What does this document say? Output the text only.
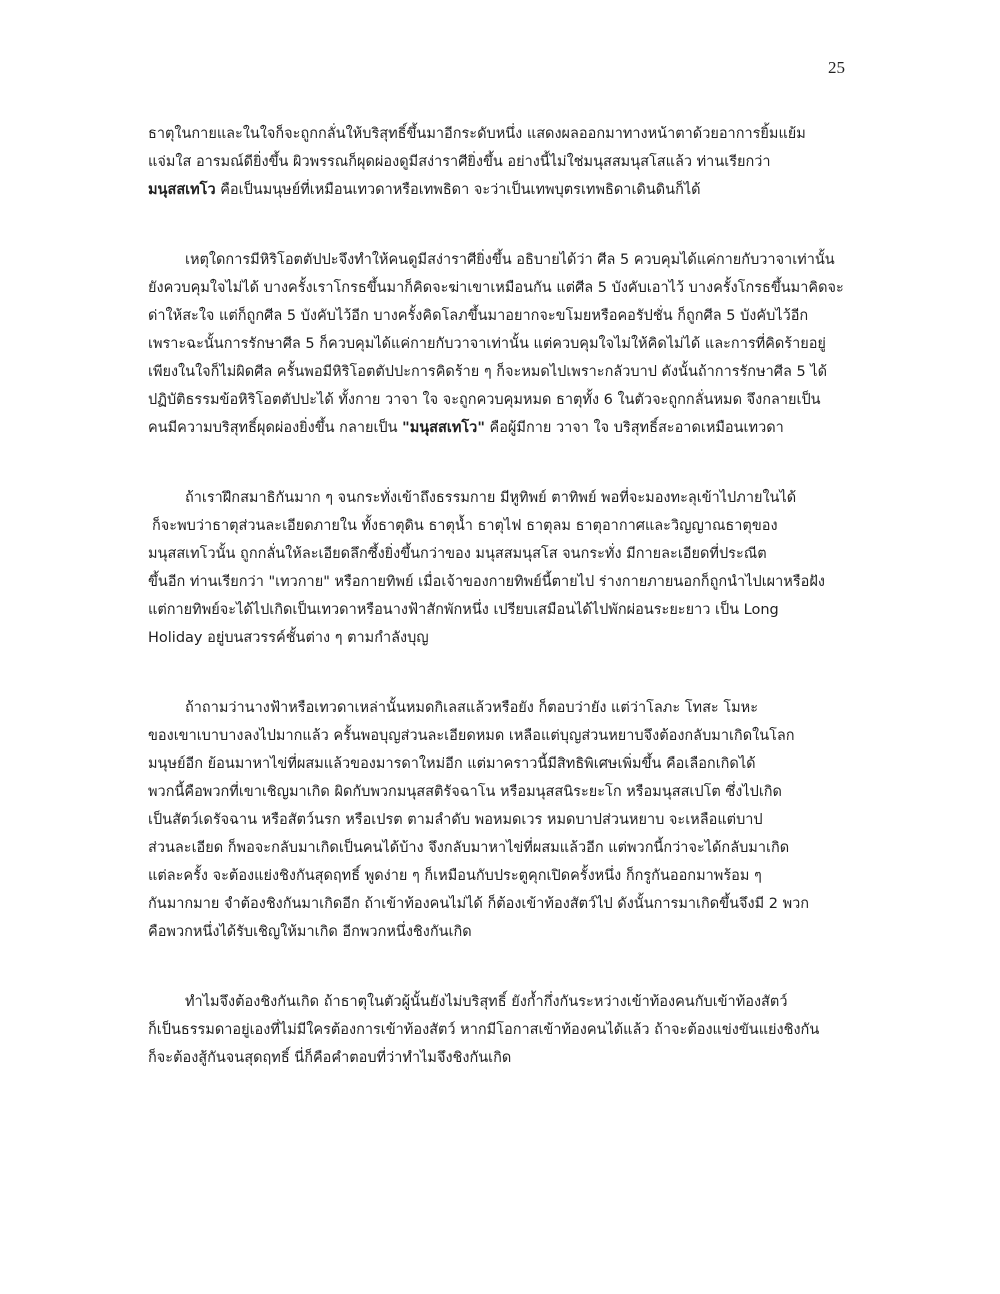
25
ธาตุในกายและในใจก็จะถูกกลั่นให้บริสุทธิ์ขึ้นมาอีกระดับหนึ่ง แสดงผลออกมาทางหน้าตาด้วยอาการยิ้มแย้ม
แจ่มใส อารมณ์ดียิ่งขึ้น ผิวพรรณก็ผุดผ่องดูมีสง่าราศียิ่งขึ้น อย่างนี้ไม่ใช่มนุสสมนุสโสแล้ว ท่านเรียกว่า
มนุสสเทโว คือเป็นมนุษย์ที่เหมือนเทวดาหรือเทพธิดา จะว่าเป็นเทพบุตรเทพธิดาเดินดินก็ได้
เหตุใดการมีหิริโอตตัปปะจึงทำให้คนดูมีสง่าราศียิ่งขึ้น อธิบายได้ว่า ศีล 5 ควบคุมได้แค่กายกับวาจาเท่านั้น
ยังควบคุมใจไม่ได้ บางครั้งเราโกรธขึ้นมาก็คิดจะฆ่าเขาเหมือนกัน แต่ศีล 5 บังคับเอาไว้ บางครั้งโกรธขึ้นมาคิดจะ
ด่าให้สะใจ แต่ก็ถูกศีล 5 บังคับไว้อีก บางครั้งคิดโลภขึ้นมาอยากจะขโมยหรือคอรัปชั่น ก็ถูกศีล 5 บังคับไว้อีก
เพราะฉะนั้นการรักษาศีล 5 ก็ควบคุมได้แค่กายกับวาจาเท่านั้น แต่ควบคุมใจไม่ให้คิดไม่ได้ และการที่คิดร้ายอยู่
เพียงในใจก็ไม่ผิดศีล ครั้นพอมีหิริโอตตัปปะการคิดร้าย ๆ ก็จะหมดไปเพราะกลัวบาป ดังนั้นถ้าการรักษาศีล 5 ได้
ปฏิบัติธรรมข้อหิริโอตตัปปะได้ ทั้งกาย วาจา ใจ จะถูกควบคุมหมด ธาตุทั้ง 6 ในตัวจะถูกกลั่นหมด จึงกลายเป็น
คนมีความบริสุทธิ์ผุดผ่องยิ่งขึ้น กลายเป็น "มนุสสเทโว" คือผู้มีกาย วาจา ใจ บริสุทธิ์สะอาดเหมือนเทวดา
ถ้าเราฝึกสมาธิกันมาก ๆ จนกระทั่งเข้าถึงธรรมกาย มีหูทิพย์ ตาทิพย์ พอที่จะมองทะลุเข้าไปภายในได้
ก็จะพบว่าธาตุส่วนละเอียดภายใน ทั้งธาตุดิน ธาตุน้ำ ธาตุไฟ ธาตุลม ธาตุอากาศและวิญญาณธาตุของ
มนุสสเทโวนั้น ถูกกลั่นให้ละเอียดลึกซึ้งยิ่งขึ้นกว่าของ มนุสสมนุสโส จนกระทั่ง มีกายละเอียดที่ประณีต
ขึ้นอีก ท่านเรียกว่า "เทวกาย" หรือกายทิพย์ เมื่อเจ้าของกายทิพย์นี้ตายไป ร่างกายภายนอกก็ถูกนำไปเผาหรือฝัง
แต่กายทิพย์จะได้ไปเกิดเป็นเทวดาหรือนางฟ้าสักพักหนึ่ง เปรียบเสมือนได้ไปพักผ่อนระยะยาว เป็น Long
Holiday อยู่บนสวรรค์ชั้นต่าง ๆ ตามกำลังบุญ
ถ้าถามว่านางฟ้าหรือเทวดาเหล่านั้นหมดกิเลสแล้วหรือยัง ก็ตอบว่ายัง แต่ว่าโลภะ โทสะ โมหะ
ของเขาเบาบางลงไปมากแล้ว ครั้นพอบุญส่วนละเอียดหมด เหลือแต่บุญส่วนหยาบจึงต้องกลับมาเกิดในโลก
มนุษย์อีก ย้อนมาหาไข่ที่ผสมแล้วของมารดาใหม่อีก แต่มาคราวนี้มีสิทธิพิเศษเพิ่มขึ้น คือเลือกเกิดได้
พวกนี้คือพวกที่เขาเชิญมาเกิด ผิดกับพวกมนุสสติรัจฉาโน หรือมนุสสนิระยะโก หรือมนุสสเปโต ซึ่งไปเกิด
เป็นสัตว์เดรัจฉาน หรือสัตว์นรก หรือเปรต ตามลำดับ พอหมดเวร หมดบาปส่วนหยาบ จะเหลือแต่บาป
ส่วนละเอียด ก็พอจะกลับมาเกิดเป็นคนได้บ้าง จึงกลับมาหาไข่ที่ผสมแล้วอีก แต่พวกนี้กว่าจะได้กลับมาเกิด
แต่ละครั้ง จะต้องแย่งชิงกันสุดฤทธิ์ พูดง่าย ๆ ก็เหมือนกับประตูคุกเปิดครั้งหนึ่ง ก็กรูกันออกมาพร้อม ๆ
กันมากมาย จำต้องชิงกันมาเกิดอีก ถ้าเข้าท้องคนไม่ได้ ก็ต้องเข้าท้องสัตว์ไป ดังนั้นการมาเกิดขึ้นจึงมี 2 พวก
คือพวกหนึ่งได้รับเชิญให้มาเกิด อีกพวกหนึ่งชิงกันเกิด
ทำไมจึงต้องชิงกันเกิด ถ้าธาตุในตัวผู้นั้นยังไม่บริสุทธิ์ ยังก้ำกึ่งกันระหว่างเข้าท้องคนกับเข้าท้องสัตว์
ก็เป็นธรรมดาอยู่เองที่ไม่มีใครต้องการเข้าท้องสัตว์ หากมีโอกาสเข้าท้องคนได้แล้ว ถ้าจะต้องแข่งขันแย่งชิงกัน
ก็จะต้องสู้กันจนสุดฤทธิ์ นี่ก็คือคำตอบที่ว่าทำไมจึงชิงกันเกิด
